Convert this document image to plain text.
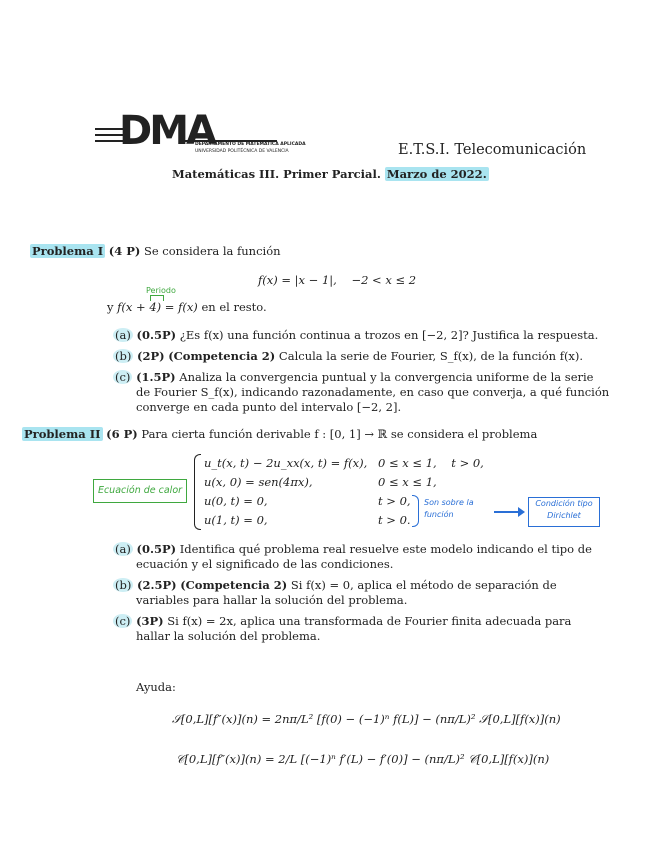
DMA
DEPARTAMENTO DE MATEMÁTICA APLICADA
UNIVERSIDAD POLITÉCNICA DE VALENCIA	E.T.S.I. Telecomunicación
Matemáticas III. Primer Parcial. Marzo de 2022.
Problema I (4 P) Se considera la función
f(x) = |x − 1|,    −2 < x ≤ 2
Periodo
y f(x + 4) = f(x) en el resto.
(a) (0.5P) ¿Es f(x) una función continua a trozos en [−2, 2]? Justifica la respuesta.
(b) (2P) (Competencia 2) Calcula la serie de Fourier, S_f(x), de la función f(x).
(c) (1.5P) Analiza la convergencia puntual y la convergencia uniforme de la serie
de Fourier S_f(x), indicando razonadamente, en caso que converja, a qué función
converge en cada punto del intervalo [−2, 2].
Problema II (6 P) Para cierta función derivable f : [0, 1] → ℝ se considera el problema
u_t(x, t) − 2u_xx(x, t) = f(x), 0 ≤ x ≤ 1,    t > 0,
u(x, 0) = sen(4πx),	0 ≤ x ≤ 1,
u(0, t) = 0,	t > 0,
u(1, t) = 0,	t > 0.
Ecuación de calor
Son sobre la función
Condición tipo Dirichlet
(a) (0.5P) Identifica qué problema real resuelve este modelo indicando el tipo de
ecuación y el significado de las condiciones.
(b) (2.5P) (Competencia 2) Si f(x) = 0, aplica el método de separación de
variables para hallar la solución del problema.
(c) (3P) Si f(x) = 2x, aplica una transformada de Fourier finita adecuada para
hallar la solución del problema.
Ayuda:
𝒮[0,L][f″(x)](n) = 2nπ/L² [f(0) − (−1)ⁿ f(L)] − (nπ/L)² 𝒮[0,L][f(x)](n)
𝒞[0,L][f″(x)](n) = 2/L [(−1)ⁿ f′(L) − f′(0)] − (nπ/L)² 𝒞[0,L][f(x)](n)
